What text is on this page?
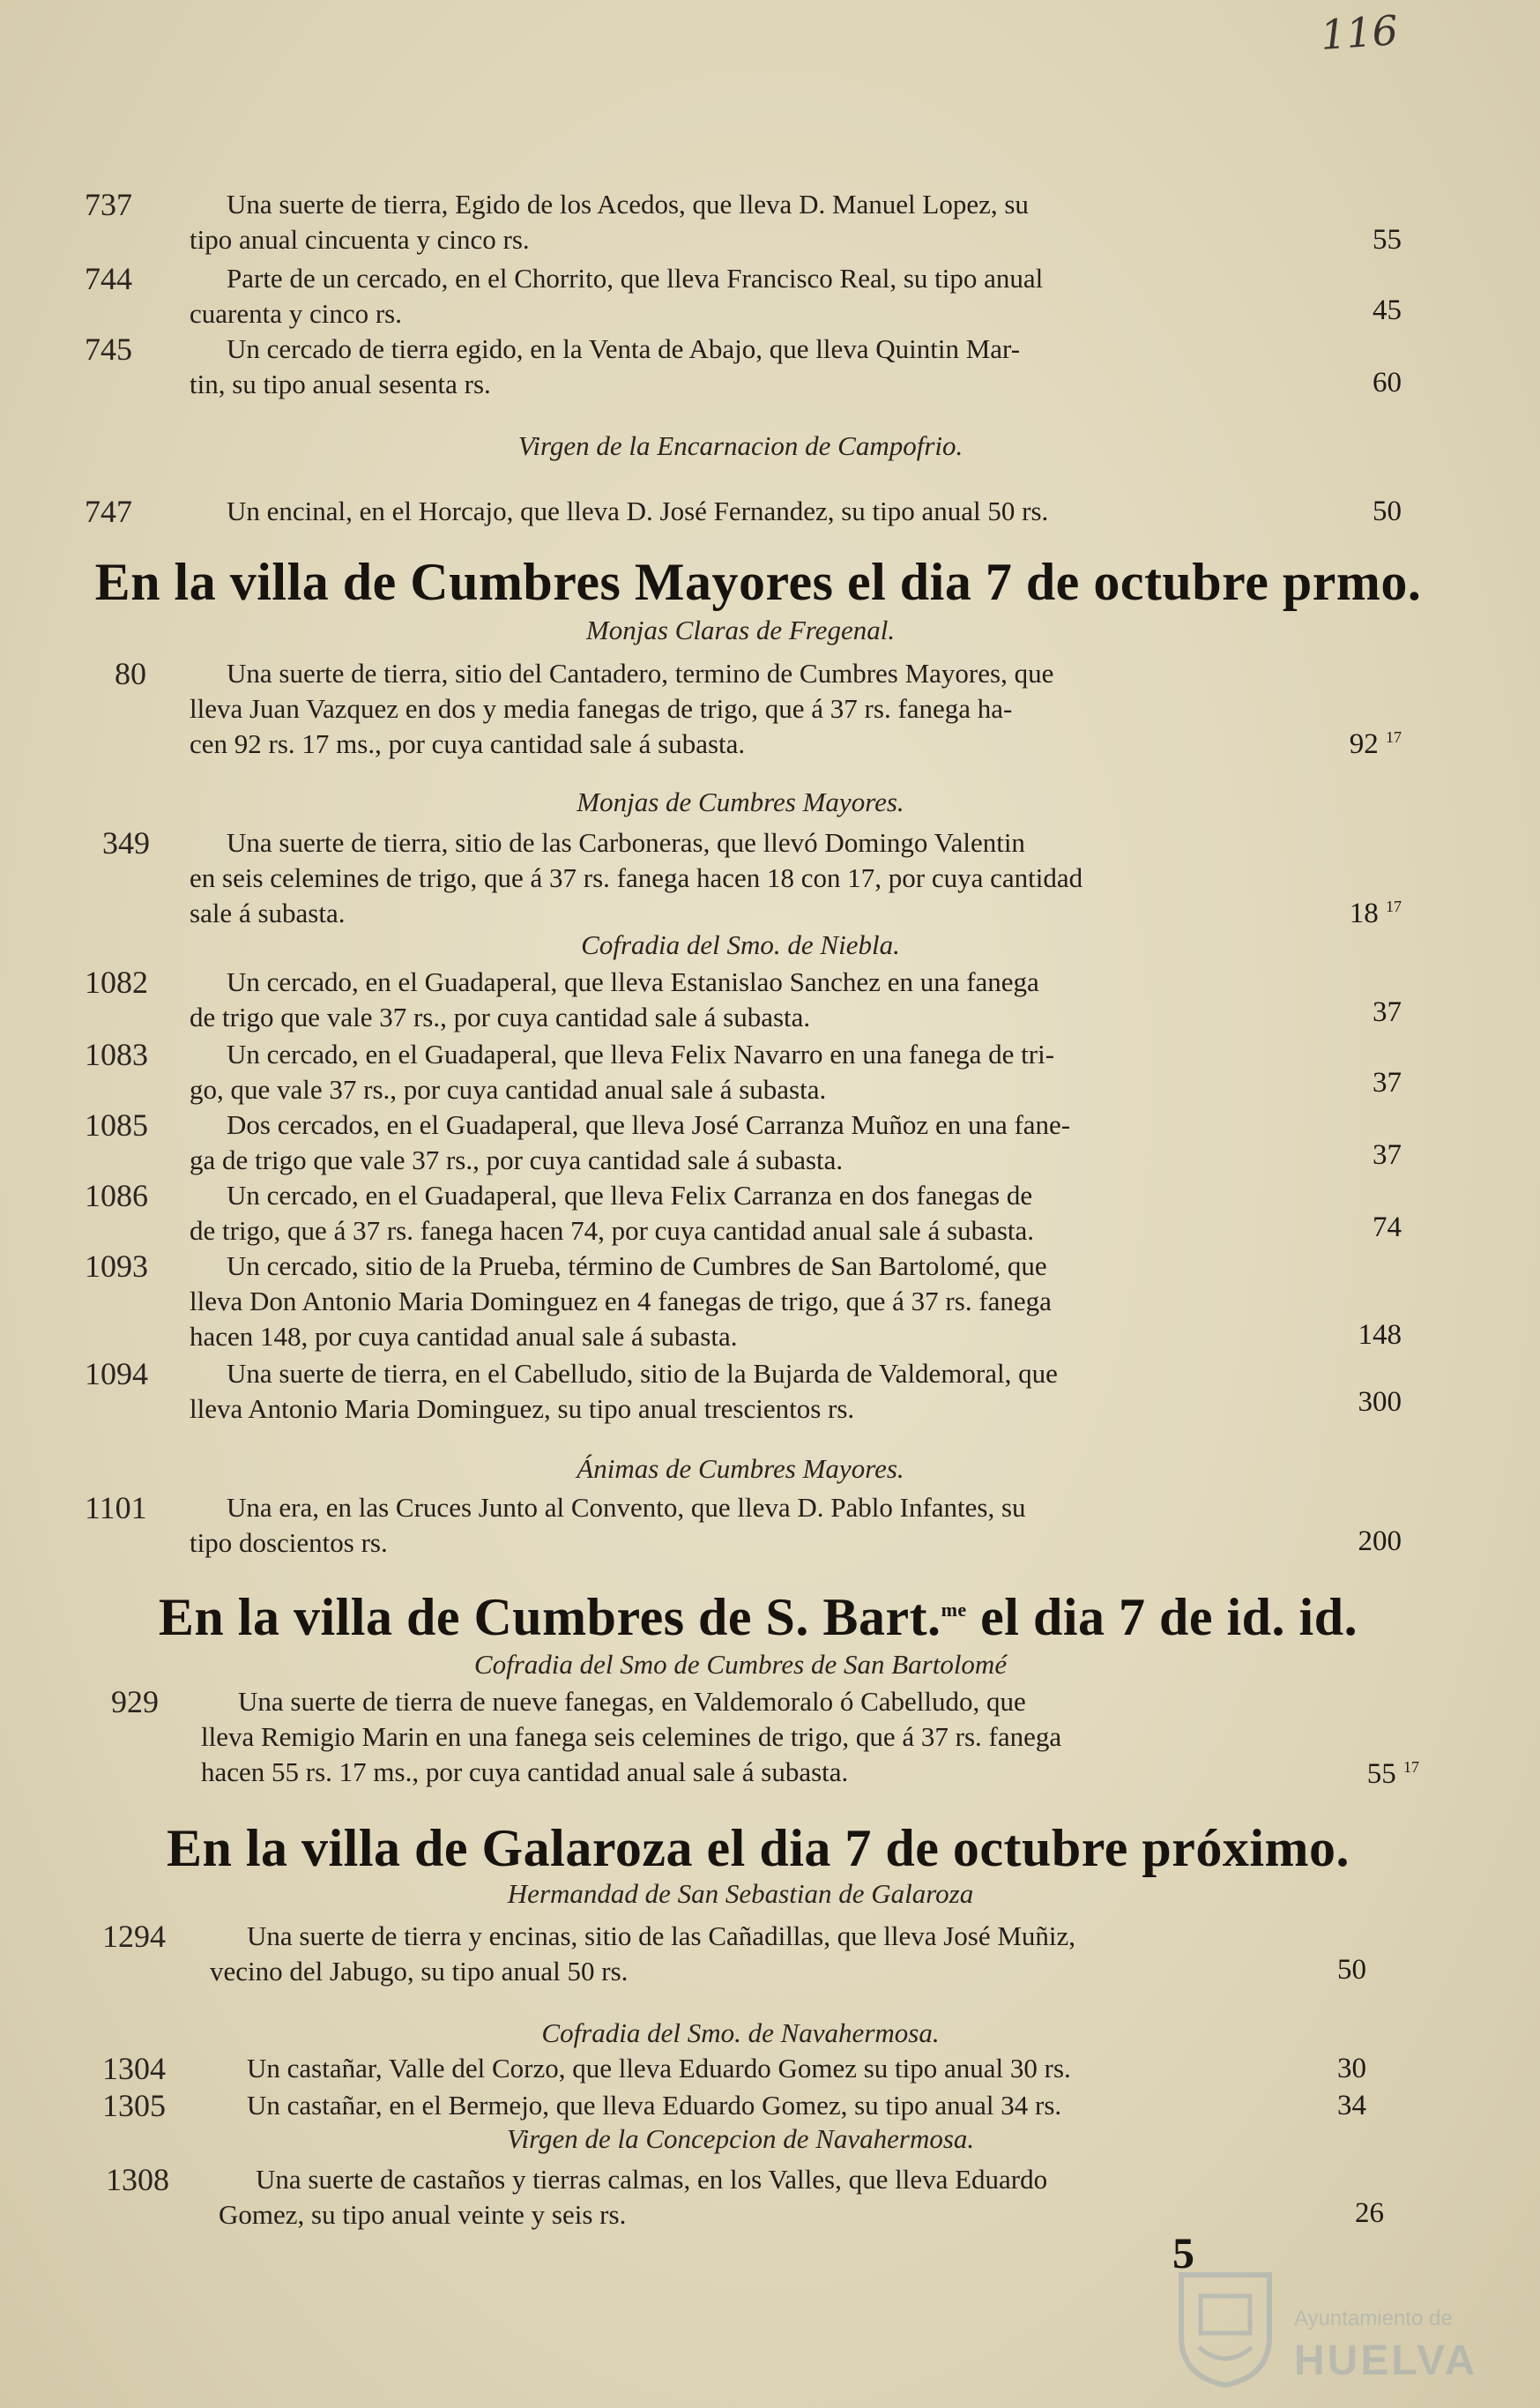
116
737	Una suerte de tierra, Egido de los Acedos, que lleva D. Manuel Lopez, su
tipo anual cincuenta y cinco rs.	55
744	Parte de un cercado, en el Chorrito, que lleva Francisco Real, su tipo anual
cuarenta y cinco rs.	45
745	Un cercado de tierra egido, en la Venta de Abajo, que lleva Quintin Mar-
tin, su tipo anual sesenta rs.	60
Virgen de la Encarnacion de Campofrio.
747	Un encinal, en el Horcajo, que lleva D. José Fernandez, su tipo anual 50 rs.	50
En la villa de Cumbres Mayores el dia 7 de octubre prmo.
Monjas Claras de Fregenal.
80	Una suerte de tierra, sitio del Cantadero, termino de Cumbres Mayores, que
lleva Juan Vazquez en dos y media fanegas de trigo, que á 37 rs. fanega ha-
cen 92 rs. 17 ms., por cuya cantidad sale á subasta.	92 $^{17}$
Monjas de Cumbres Mayores.
349	Una suerte de tierra, sitio de las Carboneras, que llevó Domingo Valentin
en seis celemines de trigo, que á 37 rs. fanega hacen 18 con 17, por cuya cantidad
sale á subasta.	18 $^{17}$
Cofradia del Smo. de Niebla.
1082	Un cercado, en el Guadaperal, que lleva Estanislao Sanchez en una fanega
de trigo que vale 37 rs., por cuya cantidad sale á subasta.	37
1083	Un cercado, en el Guadaperal, que lleva Felix Navarro en una fanega de tri-
go, que vale 37 rs., por cuya cantidad anual sale á subasta.	37
1085	Dos cercados, en el Guadaperal, que lleva José Carranza Muñoz en una fane-
ga de trigo que vale 37 rs., por cuya cantidad sale á subasta.	37
1086	Un cercado, en el Guadaperal, que lleva Felix Carranza en dos fanegas de
de trigo, que á 37 rs. fanega hacen 74, por cuya cantidad anual sale á subasta.	74
1093	Un cercado, sitio de la Prueba, término de Cumbres de San Bartolomé, que
lleva Don Antonio Maria Dominguez en 4 fanegas de trigo, que á 37 rs. fanega
hacen 148, por cuya cantidad anual sale á subasta.	148
1094	Una suerte de tierra, en el Cabelludo, sitio de la Bujarda de Valdemoral, que
lleva Antonio Maria Dominguez, su tipo anual trescientos rs.	300
Ánimas de Cumbres Mayores.
1101	Una era, en las Cruces Junto al Convento, que lleva D. Pablo Infantes, su
tipo doscientos rs.	200
En la villa de Cumbres de S. Bart.$^{me}$ el dia 7 de id. id.
Cofradia del Smo de Cumbres de San Bartolomé
929	Una suerte de tierra de nueve fanegas, en Valdemoralo ó Cabelludo, que
lleva Remigio Marin en una fanega seis celemines de trigo, que á 37 rs. fanega
hacen 55 rs. 17 ms., por cuya cantidad anual sale á subasta.	55 $^{17}$
En la villa de Galaroza el dia 7 de octubre próximo.
Hermandad de San Sebastian de Galaroza
1294	Una suerte de tierra y encinas, sitio de las Cañadillas, que lleva José Muñiz,
vecino del Jabugo, su tipo anual 50 rs.	50
Cofradia del Smo. de Navahermosa.
1304	Un castañar, Valle del Corzo, que lleva Eduardo Gomez su tipo anual 30 rs.	30
1305	Un castañar, en el Bermejo, que lleva Eduardo Gomez, su tipo anual 34 rs.	34
Virgen de la Concepcion de Navahermosa.
1308	Una suerte de castaños y tierras calmas, en los Valles, que lleva Eduardo
Gomez, su tipo anual veinte y seis rs.	26
5
Ayuntamiento de
HUELVA
